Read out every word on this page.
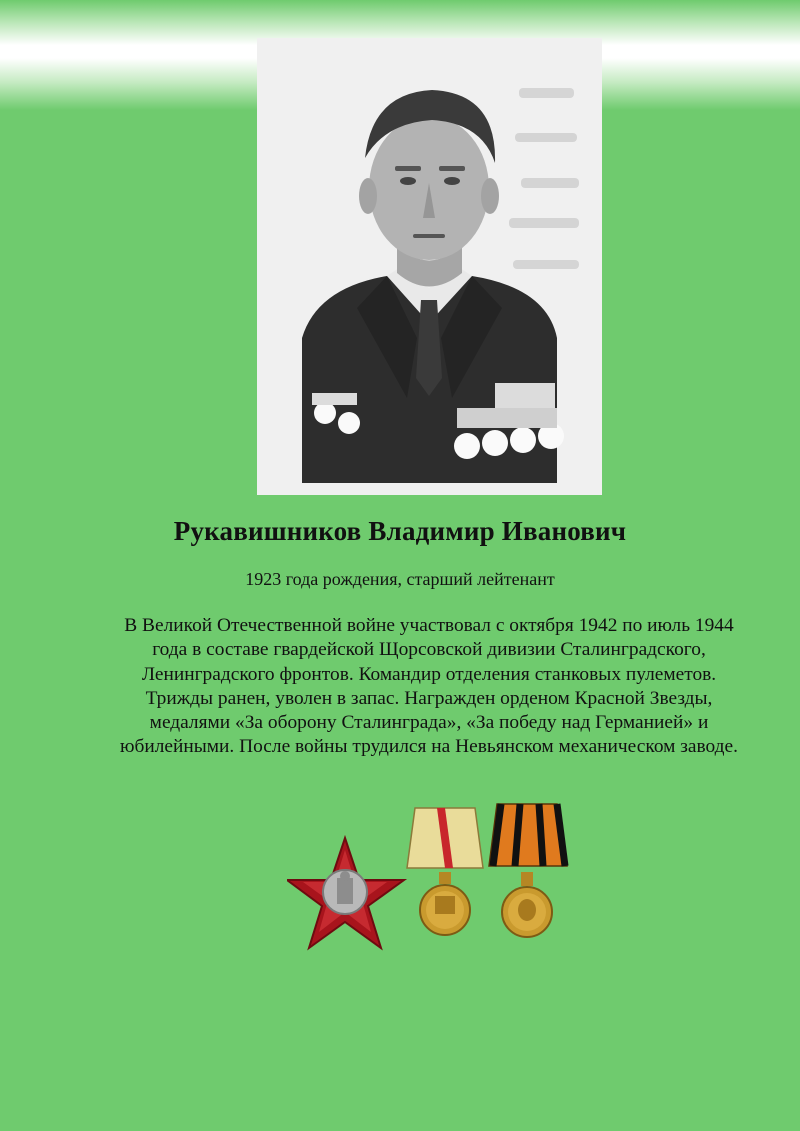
Рукавишников Владимир Иванович
1923 года рождения, старший лейтенант
В Великой Отечественной войне участвовал с октября 1942 по июль 1944 года в составе гвардейской Щорсовской дивизии Сталинградского, Ленинградского фронтов. Командир отделения станковых пулеметов. Трижды ранен, уволен в запас. Награжден орденом Красной Звезды, медалями «За оборону Сталинграда», «За победу над Германией» и юбилейными. После войны трудился на Невьянском механическом заводе.
